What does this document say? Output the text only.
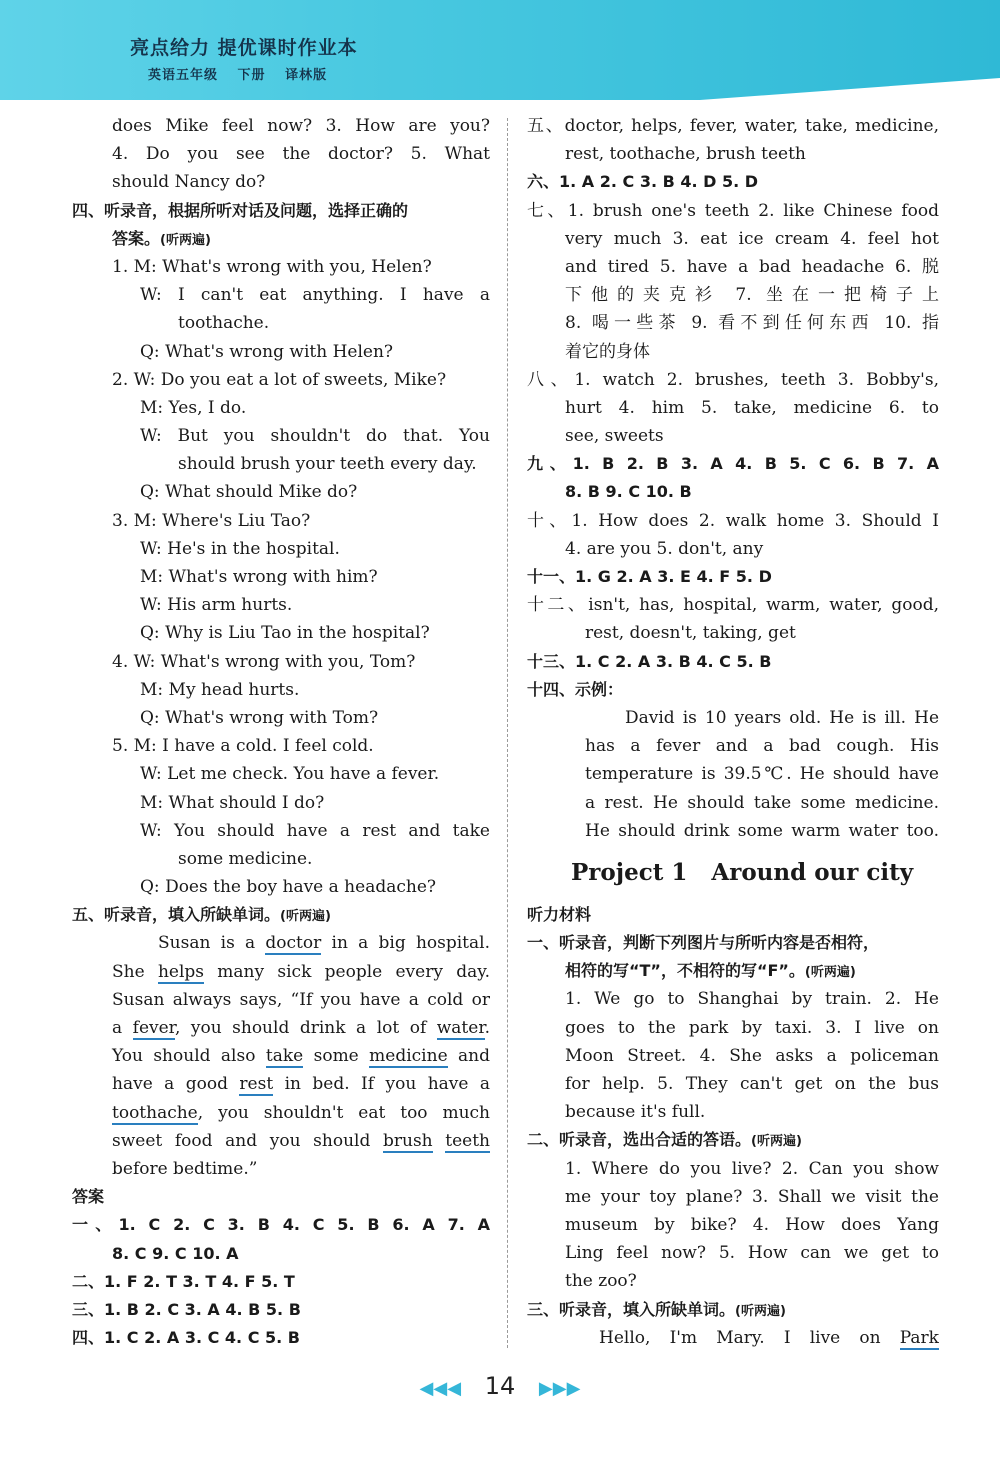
亮点给力 提优课时作业本
英语五年级 下册 译林版
does Mike feel now? 3. How are you?
4. Do you see the doctor? 5. What
should Nancy do?
四、听录音，根据所听对话及问题，选择正确的
答案。(听两遍)
1. M: What's wrong with you, Helen?
W: I can't eat anything. I have a
toothache.
Q: What's wrong with Helen?
2. W: Do you eat a lot of sweets, Mike?
M: Yes, I do.
W: But you shouldn't do that. You
should brush your teeth every day.
Q: What should Mike do?
3. M: Where's Liu Tao?
W: He's in the hospital.
M: What's wrong with him?
W: His arm hurts.
Q: Why is Liu Tao in the hospital?
4. W: What's wrong with you, Tom?
M: My head hurts.
Q: What's wrong with Tom?
5. M: I have a cold. I feel cold.
W: Let me check. You have a fever.
M: What should I do?
W: You should have a rest and take
some medicine.
Q: Does the boy have a headache?
五、听录音，填入所缺单词。(听两遍)
Susan is a doctor in a big hospital.
She helps many sick people every day.
Susan always says, “If you have a cold or
a fever, you should drink a lot of water.
You should also take some medicine and
have a good rest in bed. If you have a
toothache, you shouldn't eat too much
sweet food and you should brush teeth
before bedtime.”
答案
一、1. C 2. C 3. B 4. C 5. B 6. A 7. A
8. C 9. C 10. A
二、1. F 2. T 3. T 4. F 5. T
三、1. B 2. C 3. A 4. B 5. B
四、1. C 2. A 3. C 4. C 5. B
五、doctor, helps, fever, water, take, medicine,
rest, toothache, brush teeth
六、1. A 2. C 3. B 4. D 5. D
七、1. brush one's teeth 2. like Chinese food
very much 3. eat ice cream 4. feel hot
and tired 5. have a bad headache 6. 脱
下他的夹克衫 7. 坐在一把椅子上
8. 喝一些茶 9. 看不到任何东西 10. 指
着它的身体
八、1. watch 2. brushes, teeth 3. Bobby's,
hurt 4. him 5. take, medicine 6. to
see, sweets
九、1. B 2. B 3. A 4. B 5. C 6. B 7. A
8. B 9. C 10. B
十、1. How does 2. walk home 3. Should I
4. are you 5. don't, any
十一、1. G 2. A 3. E 4. F 5. D
十二、isn't, has, hospital, warm, water, good,
rest, doesn't, taking, get
十三、1. C 2. A 3. B 4. C 5. B
十四、示例：
David is 10 years old. He is ill. He
has a fever and a bad cough. His
temperature is 39.5℃. He should have
a rest. He should take some medicine.
He should drink some warm water too.
Project 1 Around our city
听力材料
一、听录音，判断下列图片与所听内容是否相符，
相符的写“T”，不相符的写“F”。(听两遍)
1. We go to Shanghai by train. 2. He
goes to the park by taxi. 3. I live on
Moon Street. 4. She asks a policeman
for help. 5. They can't get on the bus
because it's full.
二、听录音，选出合适的答语。(听两遍)
1. Where do you live? 2. Can you show
me your toy plane? 3. Shall we visit the
museum by bike? 4. How does Yang
Ling feel now? 5. How can we get to
the zoo?
三、听录音，填入所缺单词。(听两遍)
Hello, I'm Mary. I live on Park
◀◀◀ 14 ▶▶▶
